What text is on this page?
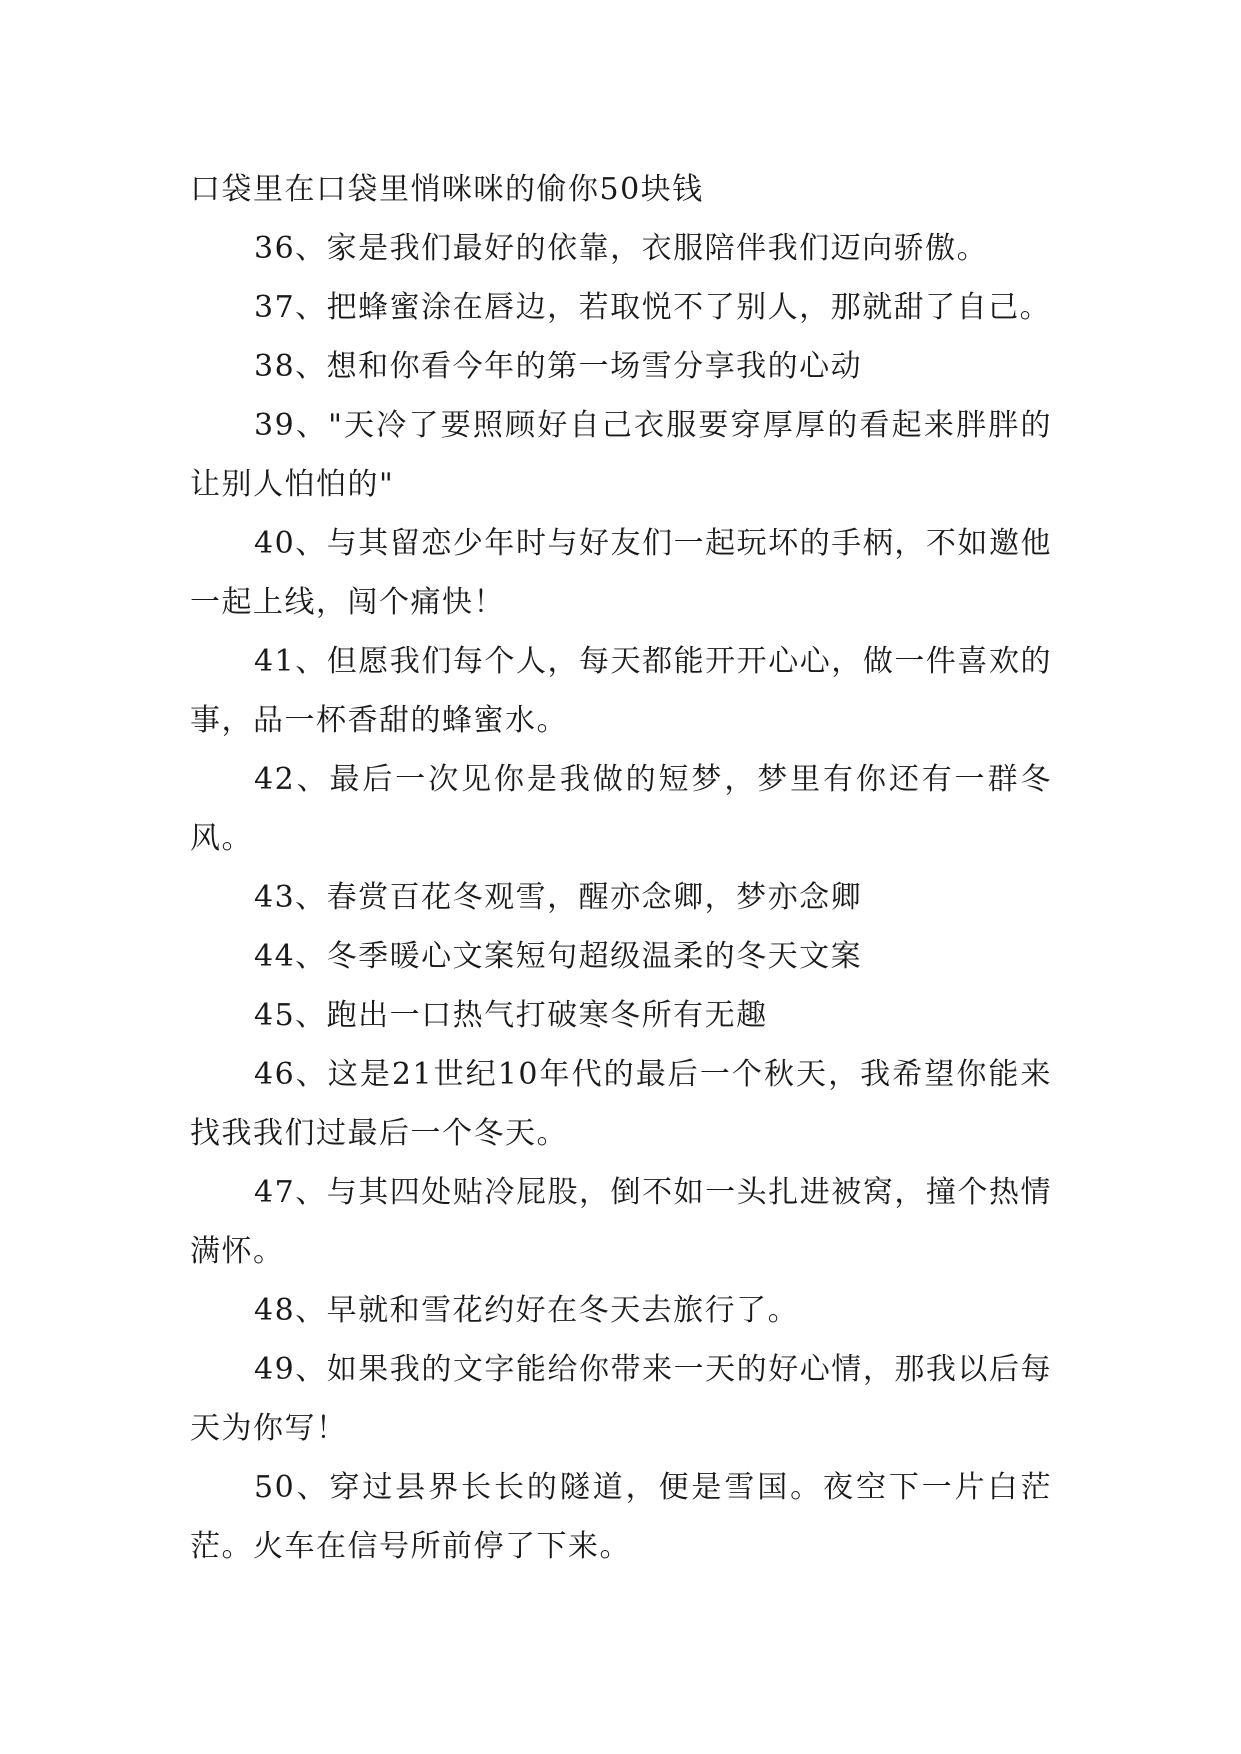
口袋里在口袋里悄咪咪的偷你50块钱

36、家是我们最好的依靠，衣服陪伴我们迈向骄傲。

37、把蜂蜜涂在唇边，若取悦不了别人，那就甜了自己。

38、想和你看今年的第一场雪分享我的心动

39、"天冷了要照顾好自己衣服要穿厚厚的看起来胖胖的让别人怕怕的"

40、与其留恋少年时与好友们一起玩坏的手柄，不如邀他一起上线，闯个痛快！

41、但愿我们每个人，每天都能开开心心，做一件喜欢的事，品一杯香甜的蜂蜜水。

42、最后一次见你是我做的短梦，梦里有你还有一群冬风。

43、春赏百花冬观雪，醒亦念卿，梦亦念卿

44、冬季暖心文案短句超级温柔的冬天文案

45、跑出一口热气打破寒冬所有无趣

46、这是21世纪10年代的最后一个秋天，我希望你能来找我我们过最后一个冬天。

47、与其四处贴冷屁股，倒不如一头扎进被窝，撞个热情满怀。

48、早就和雪花约好在冬天去旅行了。

49、如果我的文字能给你带来一天的好心情，那我以后每天为你写！

50、穿过县界长长的隧道，便是雪国。夜空下一片白茫茫。火车在信号所前停了下来。
